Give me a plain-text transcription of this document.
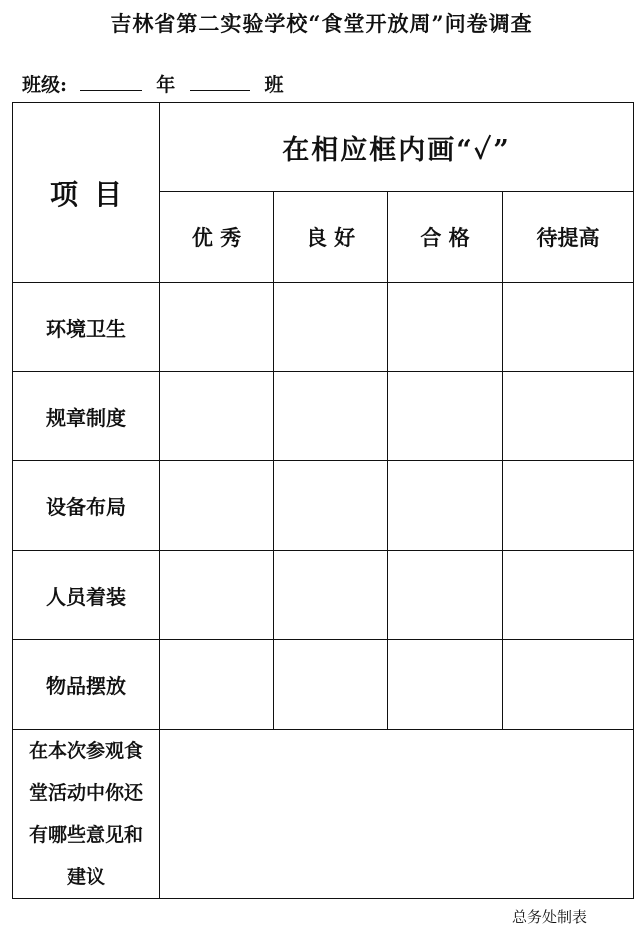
吉林省第二实验学校“食堂开放周”问卷调查
班级:	年	班
项目	在相应框内画“✓”			
	优 秀	良 好	合 格	待提高
环境卫生				
规章制度				
设备布局				
人员着装				
物品摆放				

在本次参观食堂活动中你还有哪些意见和建议				

总务处制表
